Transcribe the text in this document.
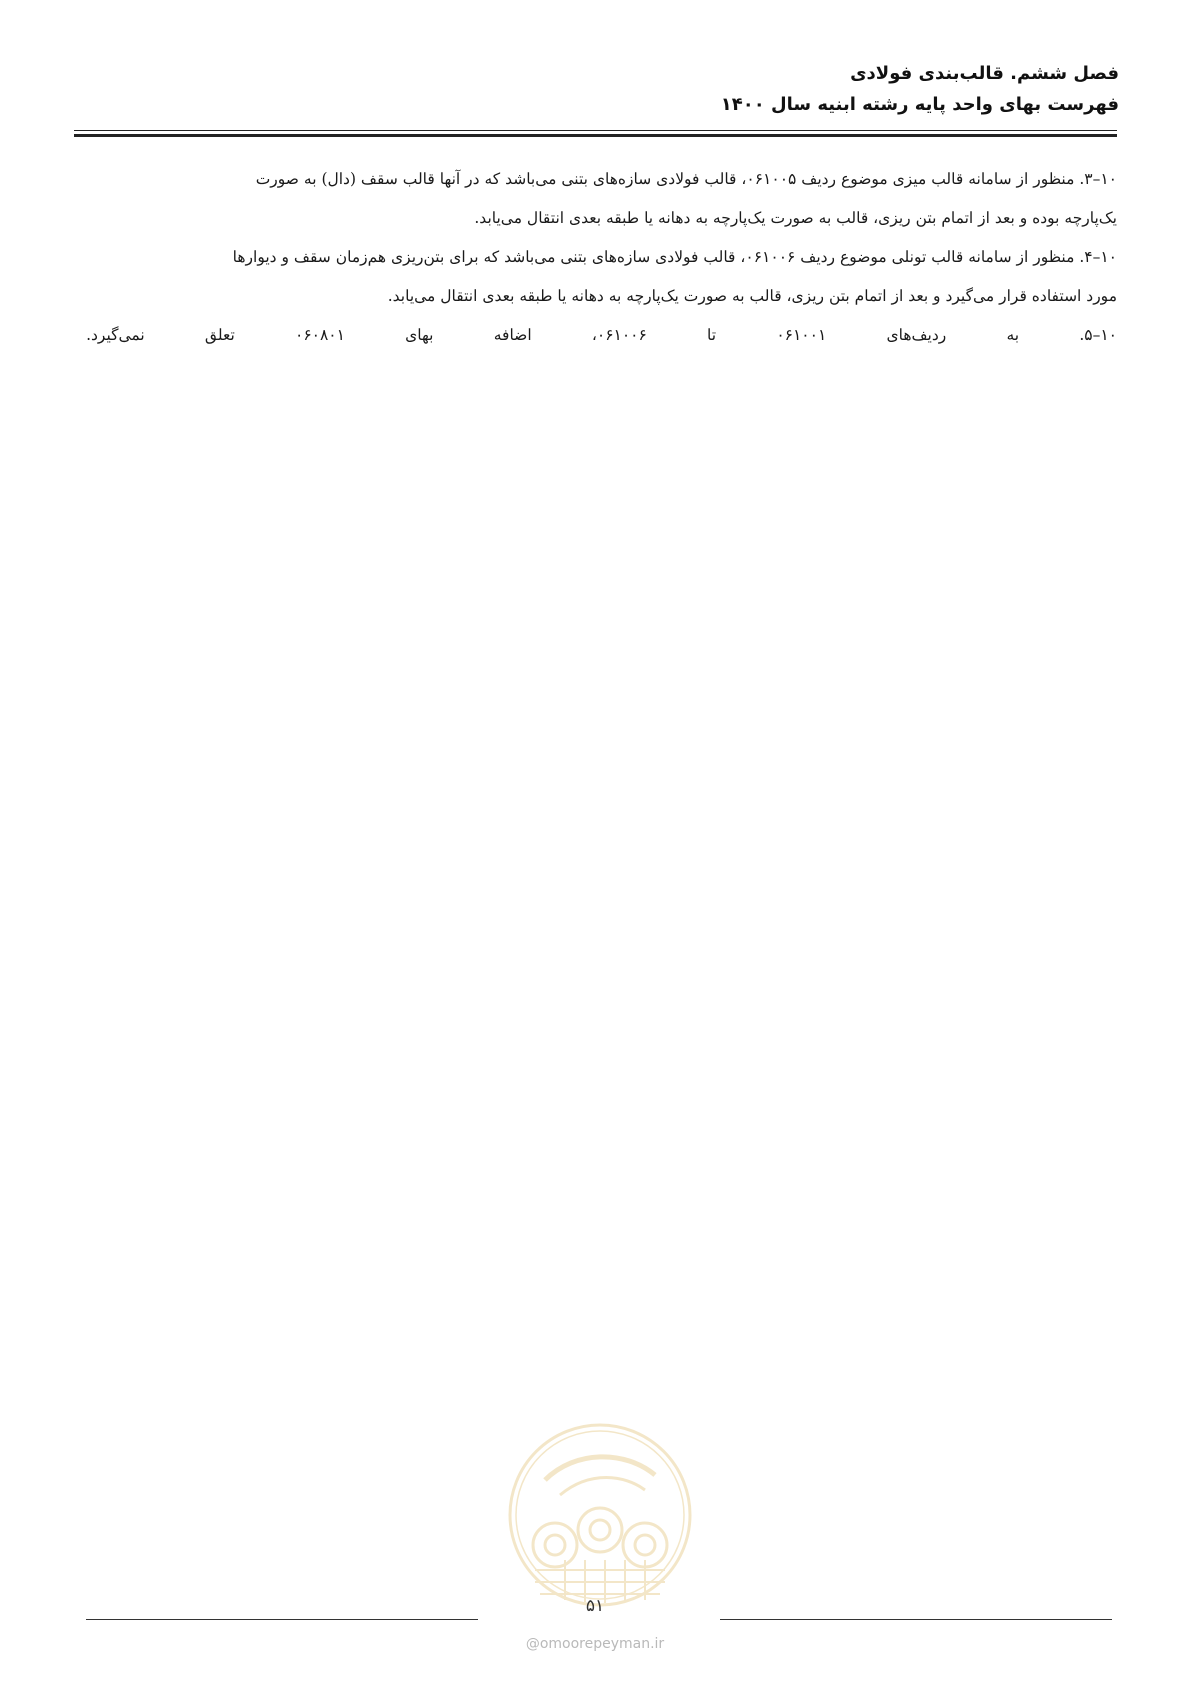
فصل ششم. قالب‌بندی فولادی
فهرست بهای واحد پایه رشته ابنیه سال ۱۴۰۰

۱۰–۳. منظور از سامانه قالب میزی موضوع ردیف ۰۶۱۰۰۵، قالب فولادی سازه‌های بتنی می‌باشد که در آنها قالب سقف (دال) به صورت
یک‌پارچه بوده و بعد از اتمام بتن ریزی، قالب به صورت یک‌پارچه به دهانه یا طبقه بعدی انتقال می‌یابد.

۱۰–۴. منظور از سامانه قالب تونلی موضوع ردیف ۰۶۱۰۰۶، قالب فولادی سازه‌های بتنی می‌باشد که برای بتن‌ریزی هم‌زمان سقف و دیوارها
مورد استفاده قرار می‌گیرد و بعد از اتمام بتن ریزی، قالب به صورت یک‌پارچه به دهانه یا طبقه بعدی انتقال می‌یابد.

۱۰–۵.
به
ردیف‌های
۰۶۱۰۰۱
تا
۰۶۱۰۰۶،
اضافه
بهای
۰۶۰۸۰۱
تعلق
نمی‌گیرد.

۵۱
@omoorepeyman.ir
